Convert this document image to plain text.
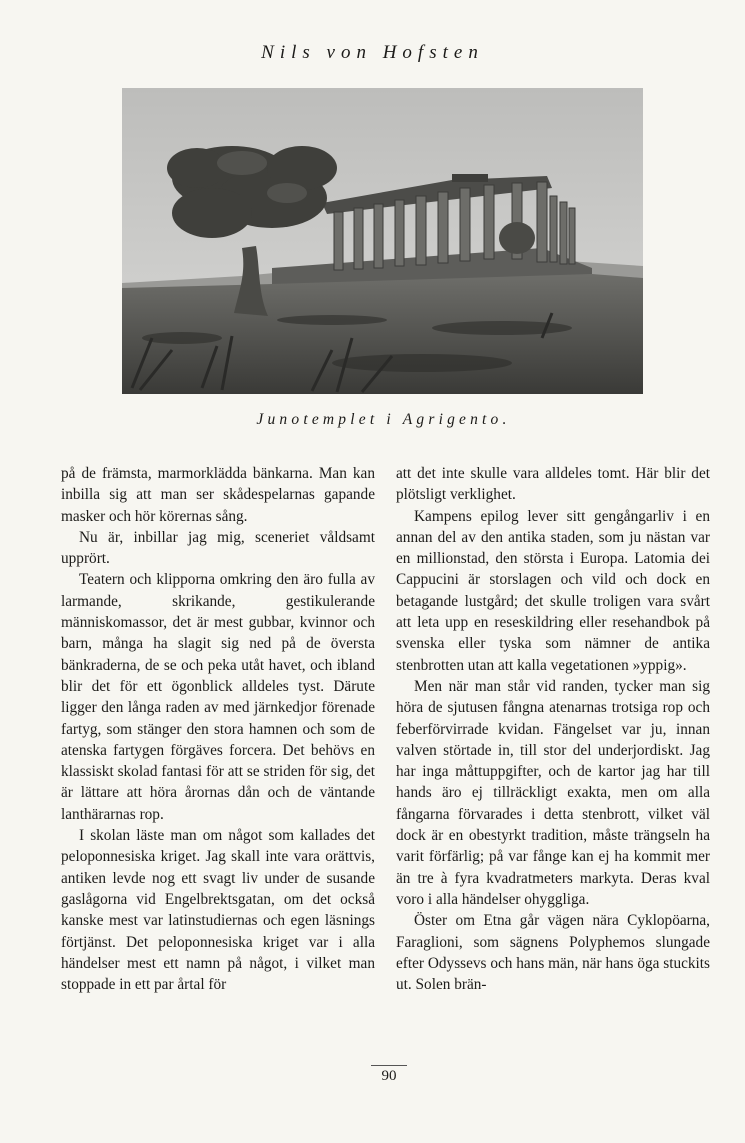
Nils von Hofsten
Junotemplet i Agrigento.

på de främsta, marmorklädda bänkarna. Man kan inbilla sig att man ser skådespelarnas gapande masker och hör körernas sång.

Nu är, inbillar jag mig, sceneriet våldsamt upprört.

Teatern och klipporna omkring den äro fulla av larmande, skrikande, gestikulerande människomassor, det är mest gubbar, kvinnor och barn, många ha slagit sig ned på de översta bänkraderna, de se och peka utåt havet, och ibland blir det för ett ögonblick alldeles tyst. Därute ligger den långa raden av med järnkedjor förenade fartyg, som stänger den stora hamnen och som de atenska fartygen förgäves forcera. Det behövs en klassiskt skolad fantasi för att se striden för sig, det är lättare att höra årornas dån och de väntande lanthärarnas rop.

I skolan läste man om något som kallades det peloponnesiska kriget. Jag skall inte vara orättvis, antiken levde nog ett svagt liv under de susande gaslågorna vid Engelbrektsgatan, om det också kanske mest var latinstudiernas och egen läsnings förtjänst. Det peloponnesiska kriget var i alla händelser mest ett namn på något, i vilket man stoppade in ett par årtal för

att det inte skulle vara alldeles tomt. Här blir det plötsligt verklighet.

Kampens epilog lever sitt gengångarliv i en annan del av den antika staden, som ju nästan var en millionstad, den största i Europa. Latomia dei Cappucini är storslagen och vild och dock en betagande lustgård; det skulle troligen vara svårt att leta upp en reseskildring eller resehandbok på svenska eller tyska som nämner de antika stenbrotten utan att kalla vegetationen »yppig».

Men när man står vid randen, tycker man sig höra de sjutusen fångna atenarnas trotsiga rop och feberförvirrade kvidan. Fängelset var ju, innan valven störtade in, till stor del underjordiskt. Jag har inga måttuppgifter, och de kartor jag har till hands äro ej tillräckligt exakta, men om alla fångarna förvarades i detta stenbrott, vilket väl dock är en obestyrkt tradition, måste trängseln ha varit förfärlig; på var fånge kan ej ha kommit mer än tre à fyra kvadratmeters markyta. Deras kval voro i alla händelser ohyggliga.

Öster om Etna går vägen nära Cyklopöarna, Faraglioni, som sägnens Polyphemos slungade efter Odyssevs och hans män, när hans öga stuckits ut. Solen brän-

90
